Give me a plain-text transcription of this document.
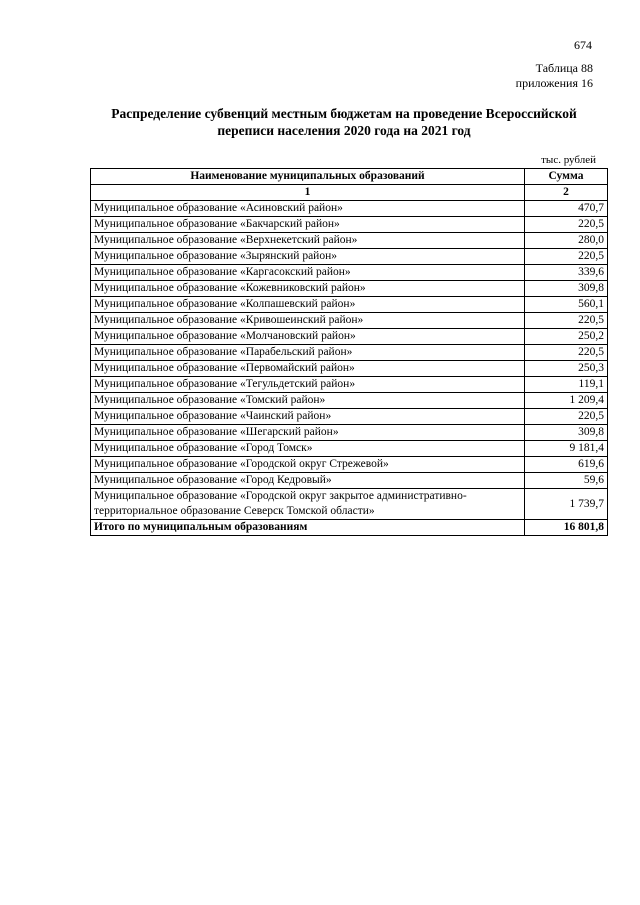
674
Таблица 88
приложения 16
Распределение субвенций местным бюджетам на проведение Всероссийской
переписи населения 2020 года на 2021 год
тыс. рублей
Наименование муниципальных образований	Сумма
1	2
Муниципальное образование «Асиновский район»	470,7
Муниципальное образование «Бакчарский район»	220,5
Муниципальное образование «Верхнекетский район»	280,0
Муниципальное образование «Зырянский район»	220,5
Муниципальное образование «Каргасокский район»	339,6
Муниципальное образование «Кожевниковский район»	309,8
Муниципальное образование «Колпашевский район»	560,1
Муниципальное образование «Кривошеинский район»	220,5
Муниципальное образование «Молчановский район»	250,2
Муниципальное образование «Парабельский район»	220,5
Муниципальное образование «Первомайский район»	250,3
Муниципальное образование «Тегульдетский район»	119,1
Муниципальное образование «Томский район»	1 209,4
Муниципальное образование «Чаинский район»	220,5
Муниципальное образование «Шегарский район»	309,8
Муниципальное образование «Город Томск»	9 181,4
Муниципальное образование «Городской округ Стрежевой»	619,6
Муниципальное образование «Город Кедровый»	59,6
Муниципальное образование «Городской округ закрытое административно-территориальное образование Северск Томской области»	1 739,7
Итого по муниципальным образованиям	16 801,8
